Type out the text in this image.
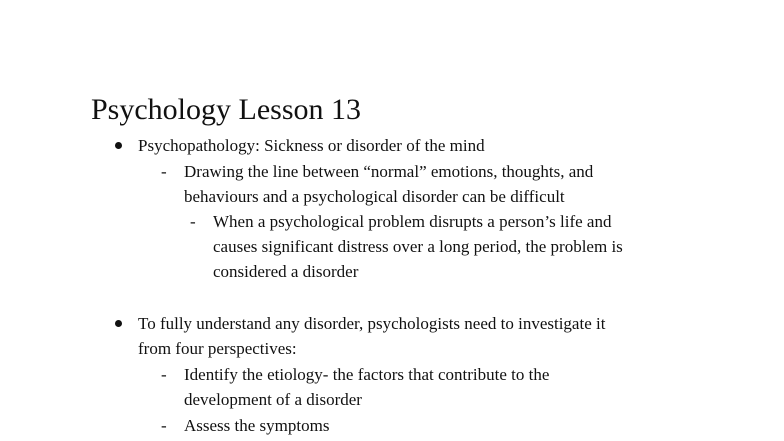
Psychology Lesson 13
Psychopathology: Sickness or disorder of the mind
- Drawing the line between “normal” emotions, thoughts, and
behaviours and a psychological disorder can be difficult
- When a psychological problem disrupts a person’s life and
causes significant distress over a long period, the problem is
considered a disorder
To fully understand any disorder, psychologists need to investigate it
from four perspectives:
- Identify the etiology- the factors that contribute to the
development of a disorder
- Assess the symptoms
